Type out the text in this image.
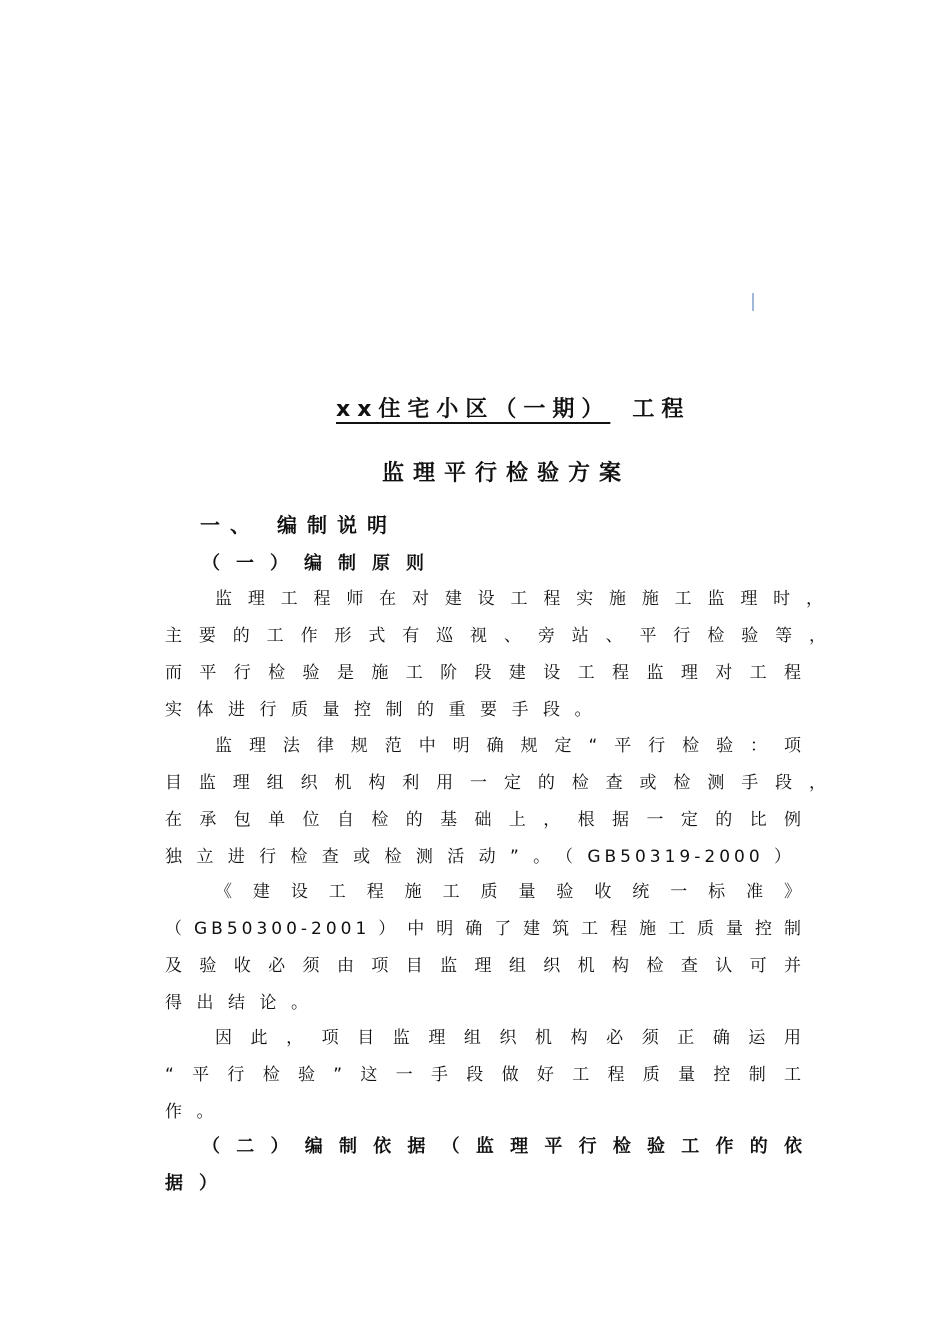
xx住宅小区（一期） 工程
监理平行检验方案
一、 编制说明
（一）编制原则
监理工程师在对建设工程实施施工监理时，
主要的工作形式有巡视、旁站、平行检验等，
而平行检验是施工阶段建设工程监理对工程
实体进行质量控制的重要手段。
监理法律规范中明确规定“平行检验：项
目监理组织机构利用一定的检查或检测手段，
在承包单位自检的基础上，根据一定的比例
独立进行检查或检测活动”。（GB50319-2000）
《建设工程施工质量验收统一标准》
（GB50300-2001）中明确了建筑工程施工质量控制
及验收必须由项目监理组织机构检查认可并
得出结论。
因此，项目监理组织机构必须正确运用
“平行检验”这一手段做好工程质量控制工
作。
（二）编制依据（监理平行检验工作的依
据）
